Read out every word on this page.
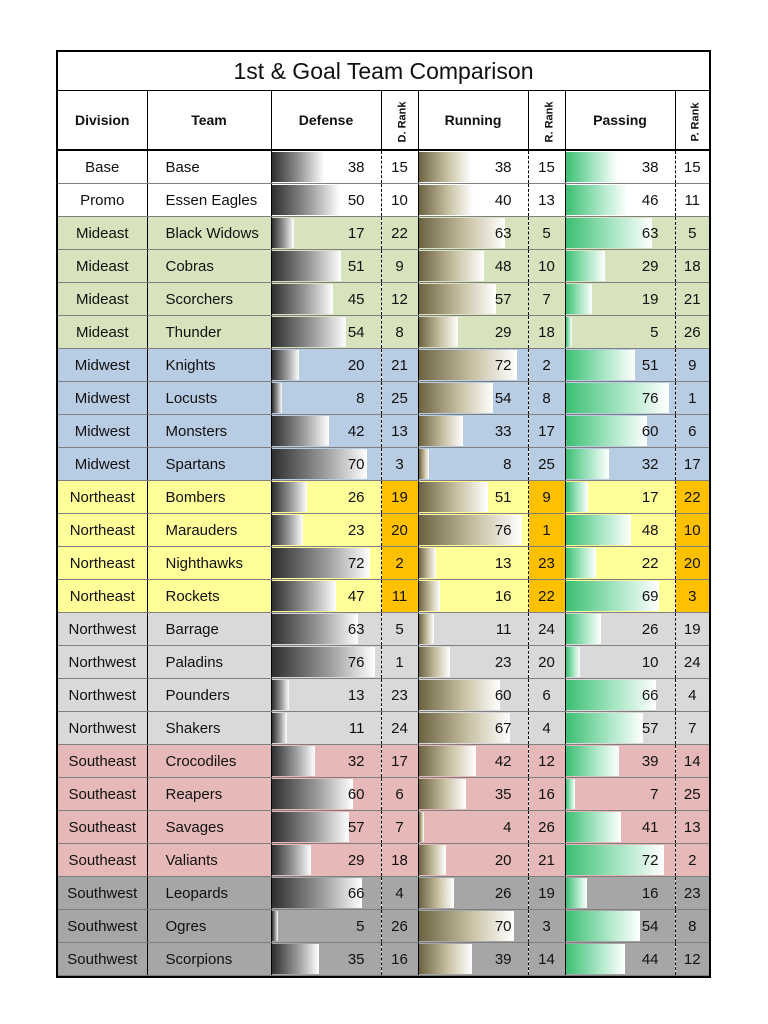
1st & Goal Team Comparison
Division	Team	Defense	D. Rank	Running	R. Rank	Passing	P. Rank
Base	Base	38	15	38	15	38	15
Promo	Essen Eagles	50	10	40	13	46	11
Mideast	Black Widows	17	22	63	5	63	5
Mideast	Cobras	51	9	48	10	29	18
Mideast	Scorchers	45	12	57	7	19	21
Mideast	Thunder	54	8	29	18	5	26
Midwest	Knights	20	21	72	2	51	9
Midwest	Locusts	8	25	54	8	76	1
Midwest	Monsters	42	13	33	17	60	6
Midwest	Spartans	70	3	8	25	32	17
Northeast	Bombers	26	19	51	9	17	22
Northeast	Marauders	23	20	76	1	48	10
Northeast	Nighthawks	72	2	13	23	22	20
Northeast	Rockets	47	11	16	22	69	3
Northwest	Barrage	63	5	11	24	26	19
Northwest	Paladins	76	1	23	20	10	24
Northwest	Pounders	13	23	60	6	66	4
Northwest	Shakers	11	24	67	4	57	7
Southeast	Crocodiles	32	17	42	12	39	14
Southeast	Reapers	60	6	35	16	7	25
Southeast	Savages	57	7	4	26	41	13
Southeast	Valiants	29	18	20	21	72	2
Southwest	Leopards	66	4	26	19	16	23
Southwest	Ogres	5	26	70	3	54	8
Southwest	Scorpions	35	16	39	14	44	12
